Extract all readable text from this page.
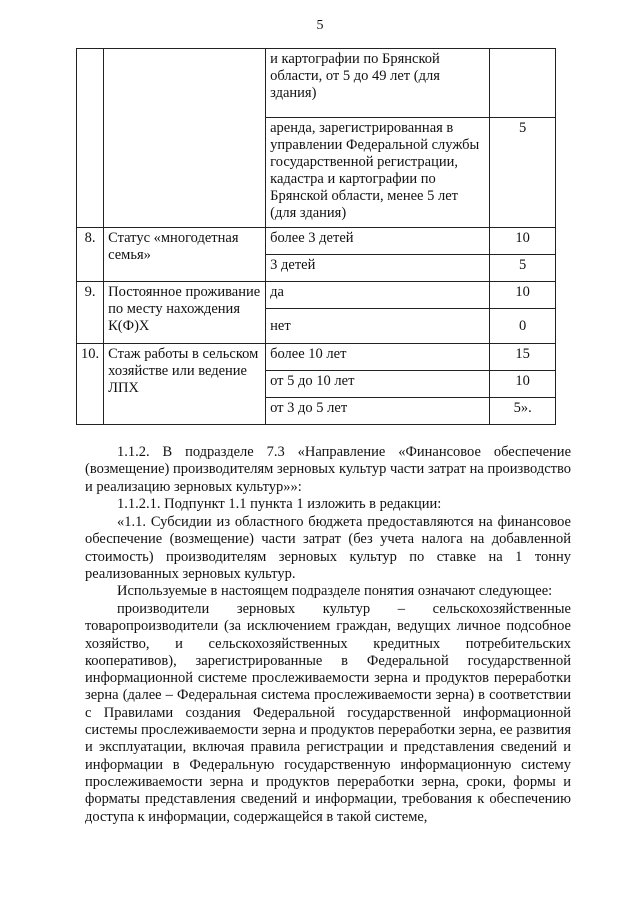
5
		и картографии по Брянской области, от 5 до 49 лет (для здания)	
		аренда, зарегистрированная в управлении Федеральной службы государственной регистрации, кадастра и картографии по Брянской области, менее 5 лет (для здания)	5
8.	Статус «многодетная семья»	более 3 детей	10
		3 детей	5
9.	Постоянное проживание по месту нахождения К(Ф)Х	да	10
		нет	0
10.	Стаж работы в сельском хозяйстве или ведение ЛПХ	более 10 лет	15
		от 5 до 10 лет	10
		от 3 до 5 лет	5».

1.1.2. В подразделе 7.3 «Направление «Финансовое обеспечение (возмещение) производителям зерновых культур части затрат на производство и реализацию зерновых культур»»:

1.1.2.1. Подпункт 1.1 пункта 1 изложить в редакции:

«1.1. Субсидии из областного бюджета предоставляются на финансовое обеспечение (возмещение) части затрат (без учета налога на добавленной стоимость) производителям зерновых культур по ставке на 1 тонну реализованных зерновых культур.

Используемые в настоящем подразделе понятия означают следующее:

производители зерновых культур – сельскохозяйственные товаропроизводители (за исключением граждан, ведущих личное подсобное хозяйство, и сельскохозяйственных кредитных потребительских кооперативов), зарегистрированные в Федеральной государственной информационной системе прослеживаемости зерна и продуктов переработки зерна (далее – Федеральная система прослеживаемости зерна) в соответствии с Правилами создания Федеральной государственной информационной системы прослеживаемости зерна и продуктов переработки зерна, ее развития и эксплуатации, включая правила регистрации и представления сведений и информации в Федеральную государственную информационную систему прослеживаемости зерна и продуктов переработки зерна, сроки, формы и форматы представления сведений и информации, требования к обеспечению доступа к информации, содержащейся в такой системе,
